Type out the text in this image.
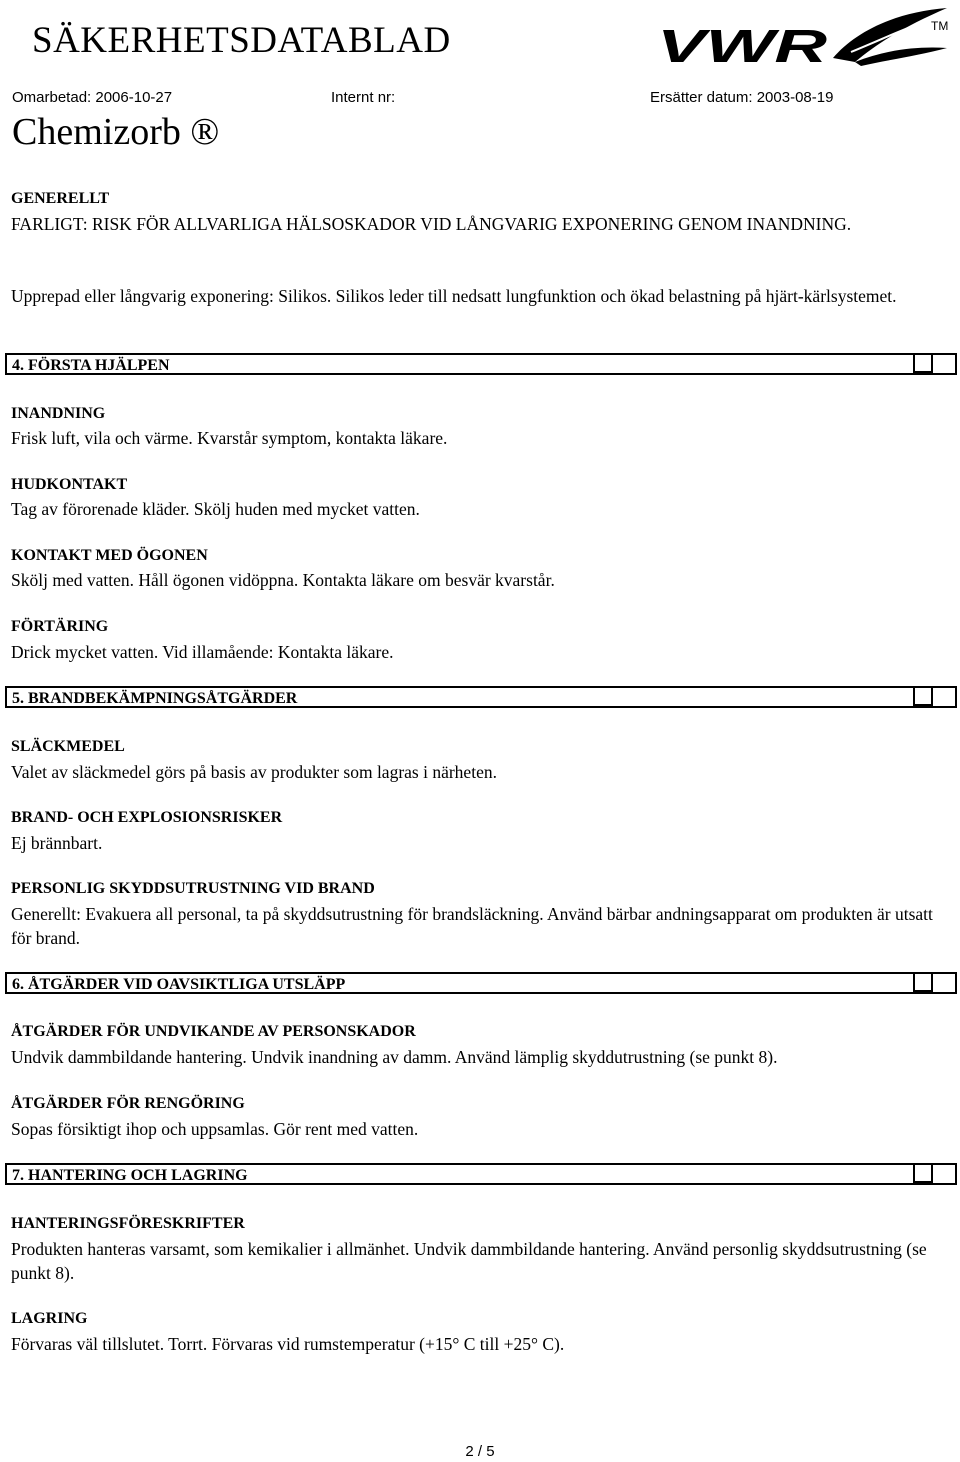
SÄKERHETSDATABLAD	VWR	TM
Omarbetad: 2006-10-27	Internt nr:	Ersätter datum: 2003-08-19
Chemizorb ®
GENERELLT
FARLIGT: RISK FÖR ALLVARLIGA HÄLSOSKADOR VID LÅNGVARIG EXPONERING GENOM INANDNING.
Upprepad eller långvarig exponering: Silikos. Silikos leder till nedsatt lungfunktion och ökad belastning på hjärt-kärlsystemet.
4. FÖRSTA HJÄLPEN
INANDNING
Frisk luft, vila och värme. Kvarstår symptom, kontakta läkare.
HUDKONTAKT
Tag av förorenade kläder. Skölj huden med mycket vatten.
KONTAKT MED ÖGONEN
Skölj med vatten. Håll ögonen vidöppna. Kontakta läkare om besvär kvarstår.
FÖRTÄRING
Drick mycket vatten. Vid illamående: Kontakta läkare.
5. BRANDBEKÄMPNINGSÅTGÄRDER
SLÄCKMEDEL
Valet av släckmedel görs på basis av produkter som lagras i närheten.
BRAND- OCH EXPLOSIONSRISKER
Ej brännbart.
PERSONLIG SKYDDSUTRUSTNING VID BRAND
Generellt: Evakuera all personal, ta på skyddsutrustning för brandsläckning. Använd bärbar andningsapparat om produkten är utsatt för brand.
6. ÅTGÄRDER VID OAVSIKTLIGA UTSLÄPP
ÅTGÄRDER FÖR UNDVIKANDE AV PERSONSKADOR
Undvik dammbildande hantering. Undvik inandning av damm. Använd lämplig skyddutrustning (se punkt 8).
ÅTGÄRDER FÖR RENGÖRING
Sopas försiktigt ihop och uppsamlas. Gör rent med vatten.
7. HANTERING OCH LAGRING
HANTERINGSFÖRESKRIFTER
Produkten hanteras varsamt, som kemikalier i allmänhet. Undvik dammbildande hantering. Använd personlig skyddsutrustning (se punkt 8).
LAGRING
Förvaras väl tillslutet. Torrt. Förvaras vid rumstemperatur (+15° C till +25° C).
2 / 5
